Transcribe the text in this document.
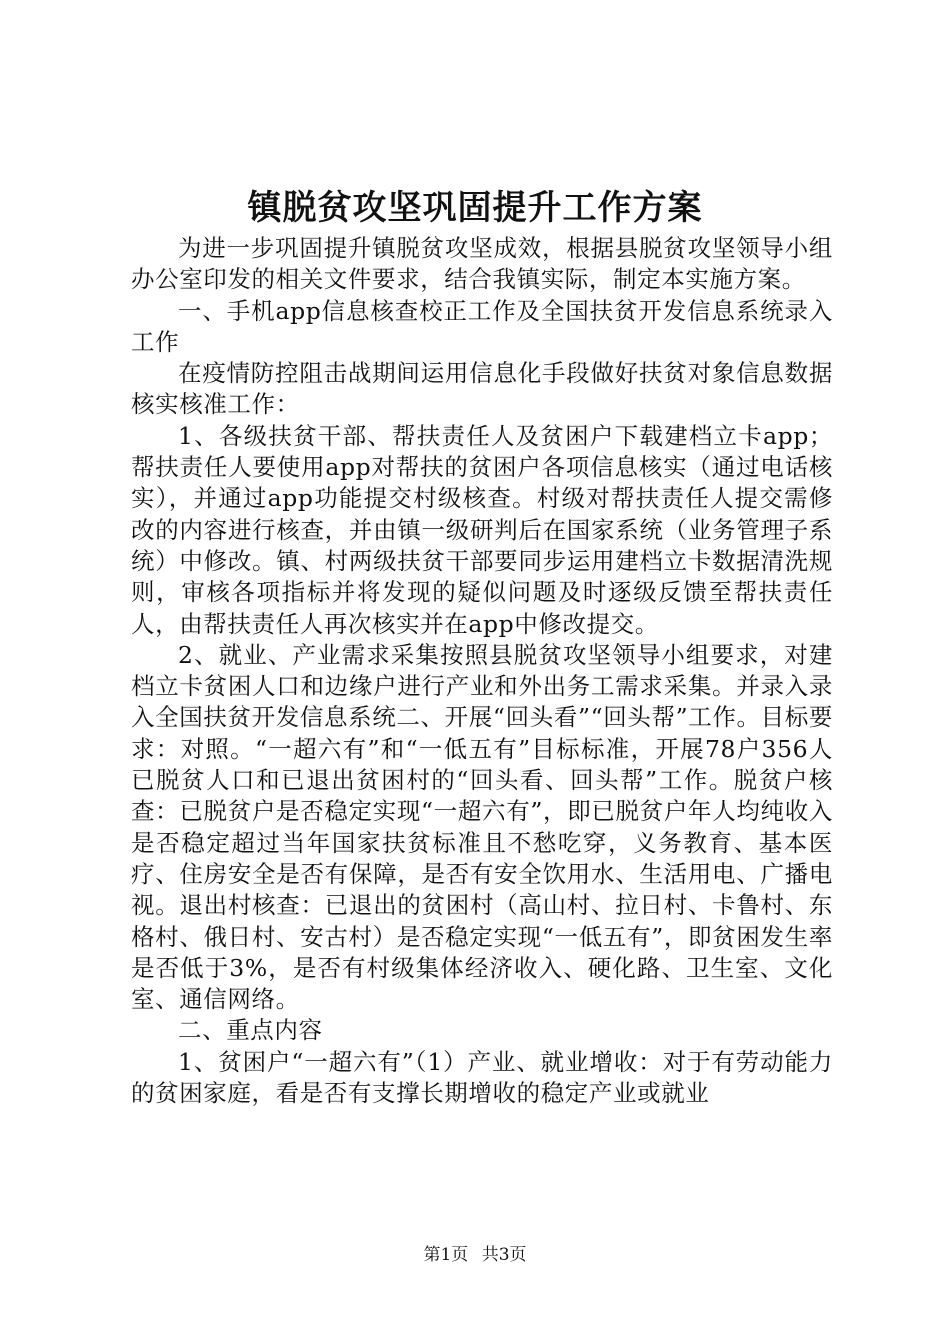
镇脱贫攻坚巩固提升工作方案

为进一步巩固提升镇脱贫攻坚成效，根据县脱贫攻坚领导小组办公室印发的相关文件要求，结合我镇实际，制定本实施方案。

一、手机app信息核查校正工作及全国扶贫开发信息系统录入工作

在疫情防控阻击战期间运用信息化手段做好扶贫对象信息数据核实核准工作：

1、各级扶贫干部、帮扶责任人及贫困户下载建档立卡app；帮扶责任人要使用app对帮扶的贫困户各项信息核实（通过电话核实），并通过app功能提交村级核查。村级对帮扶责任人提交需修改的内容进行核查，并由镇一级研判后在国家系统（业务管理子系统）中修改。镇、村两级扶贫干部要同步运用建档立卡数据清洗规则，审核各项指标并将发现的疑似问题及时逐级反馈至帮扶责任人，由帮扶责任人再次核实并在app中修改提交。

2、就业、产业需求采集按照县脱贫攻坚领导小组要求，对建档立卡贫困人口和边缘户进行产业和外出务工需求采集。并录入录入全国扶贫开发信息系统二、开展“回头看”“回头帮”工作。目标要求：对照。“一超六有”和“一低五有”目标标准，开展78户356人已脱贫人口和已退出贫困村的“回头看、回头帮”工作。脱贫户核查：已脱贫户是否稳定实现“一超六有”，即已脱贫户年人均纯收入是否稳定超过当年国家扶贫标准且不愁吃穿，义务教育、基本医疗、住房安全是否有保障，是否有安全饮用水、生活用电、广播电视。退出村核查：已退出的贫困村（高山村、拉日村、卡鲁村、东格村、俄日村、安古村）是否稳定实现“一低五有”，即贫困发生率是否低于3%，是否有村级集体经济收入、硬化路、卫生室、文化室、通信网络。

二、重点内容

1、贫困户“一超六有”（1）产业、就业增收：对于有劳动能力的贫困家庭，看是否有支撑长期增收的稳定产业或就业

第1页 共3页
